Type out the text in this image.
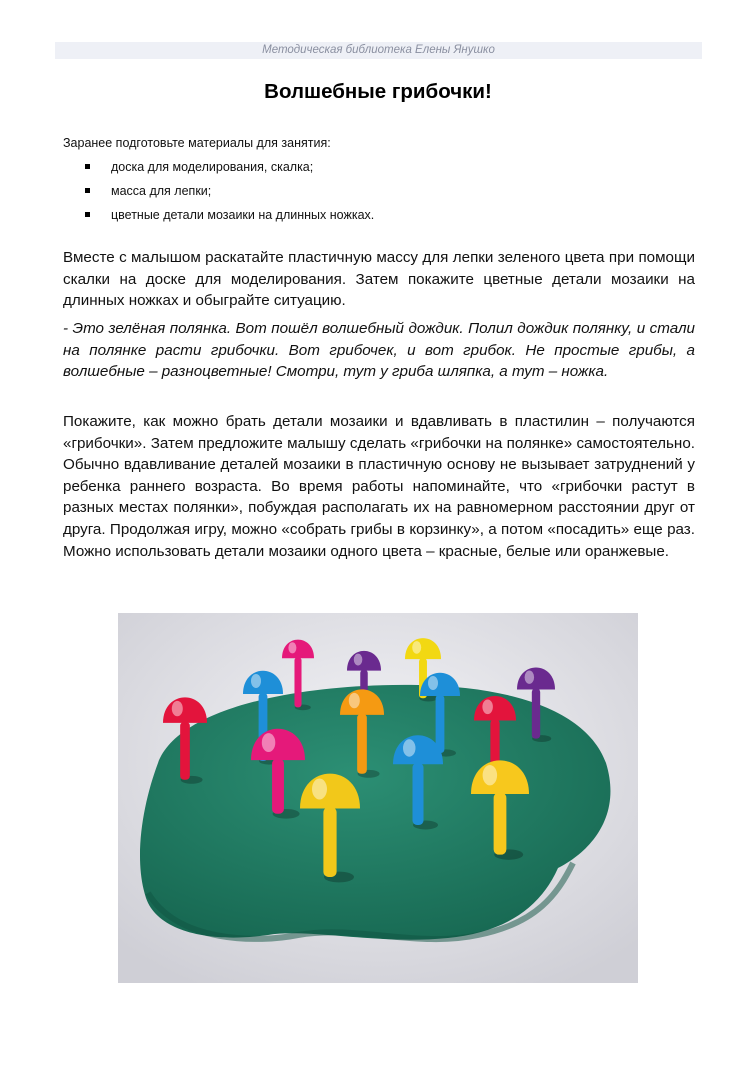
Методическая библиотека Елены Янушко
Волшебные грибочки!
Заранее подготовьте материалы для занятия:
доска для моделирования, скалка;
масса для лепки;
цветные детали мозаики на длинных ножках.

Вместе с малышом раскатайте пластичную массу для лепки зеленого цвета при помощи скалки на доске для моделирования. Затем покажите цветные детали мозаики на длинных ножках и обыграйте ситуацию.

- Это зелёная полянка. Вот пошёл волшебный дождик. Полил дождик полянку, и стали на полянке расти грибочки. Вот грибочек, и вот грибок. Не простые грибы, а волшебные – разноцветные! Смотри, тут у гриба шляпка, а тут – ножка.

Покажите, как можно брать детали мозаики и вдавливать в пластилин – получаются «грибочки». Затем предложите малышу сделать «грибочки на полянке» самостоятельно. Обычно вдавливание деталей мозаики в пластичную основу не вызывает затруднений у ребенка раннего возраста. Во время работы напоминайте, что «грибочки растут в разных местах полянки», побуждая располагать их на равномерном расстоянии друг от друга. Продолжая игру, можно «собрать грибы в корзинку», а потом «посадить» еще раз. Можно использовать детали мозаики одного цвета – красные, белые или оранжевые.
